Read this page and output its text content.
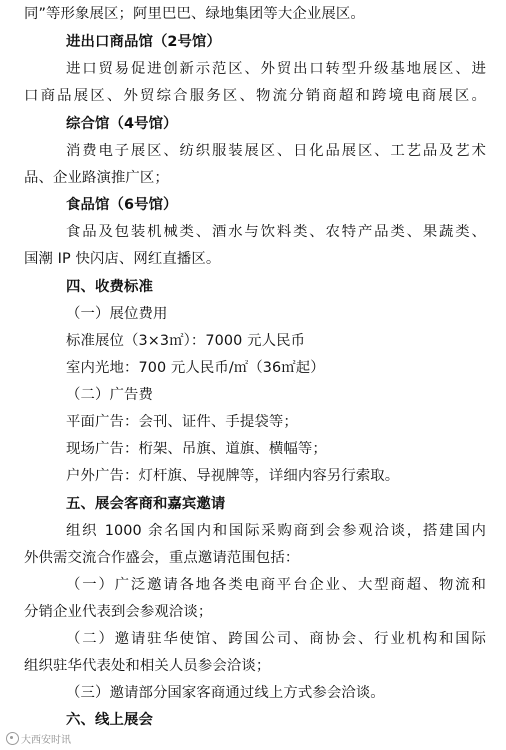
同”等形象展区；阿里巴巴、绿地集团等大企业展区。
进出口商品馆（2号馆）
进口贸易促进创新示范区、外贸出口转型升级基地展区、进
口商品展区、外贸综合服务区、物流分销商超和跨境电商展区。
综合馆（4号馆）
消费电子展区、纺织服装展区、日化品展区、工艺品及艺术
品、企业路演推广区；
食品馆（6号馆）
食品及包装机械类、酒水与饮料类、农特产品类、果蔬类、
国潮 IP 快闪店、网红直播区。
四、收费标准
（一）展位费用
标准展位（3×3㎡）：7000 元人民币
室内光地：700 元人民币/㎡（36㎡起）
（二）广告费
平面广告：会刊、证件、手提袋等；
现场广告：桁架、吊旗、道旗、横幅等；
户外广告：灯杆旗、导视牌等，详细内容另行索取。
五、展会客商和嘉宾邀请
组织 1000 余名国内和国际采购商到会参观洽谈，搭建国内
外供需交流合作盛会，重点邀请范围包括：
（一）广泛邀请各地各类电商平台企业、大型商超、物流和
分销企业代表到会参观洽谈；
（二）邀请驻华使馆、跨国公司、商协会、行业机构和国际
组织驻华代表处和相关人员参会洽谈；
（三）邀请部分国家客商通过线上方式参会洽谈。
六、线上展会
大西安时讯
